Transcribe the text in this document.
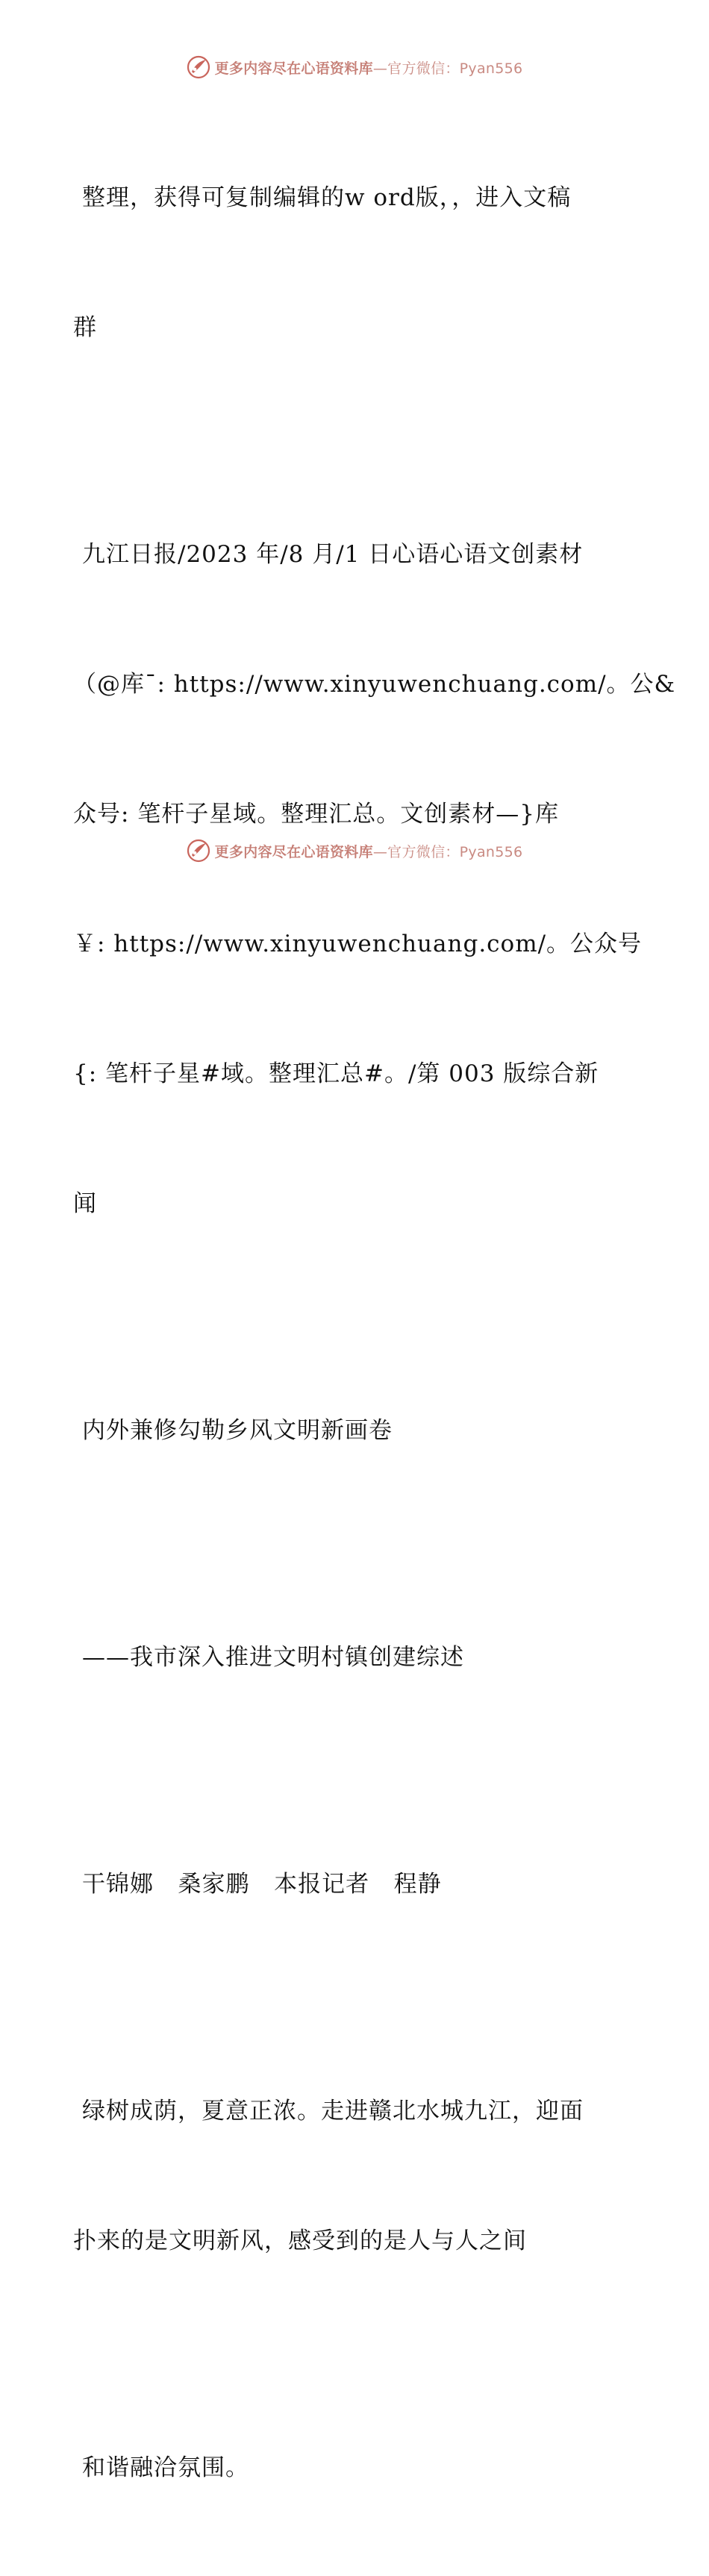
更多内容尽在心语资料库—官方微信：Pyan556

整理，获得可复制编辑的w ord版，，进入文稿

群

九江日报/2023 年/8 月/1 日心语心语文创素材

（@库¯: https://www.xinyuwenchuang.com/。公&

众号: 笔杆子星域。整理汇总。文创素材—}库

￥: https://www.xinyuwenchuang.com/。公众号

{: 笔杆子星#域。整理汇总#。/第 003 版综合新

闻

内外兼修勾勒乡风文明新画卷

——我市深入推进文明村镇创建综述

干锦娜   桑家鹏   本报记者   程静

绿树成荫，夏意正浓。走进赣北水城九江，迎面

扑来的是文明新风，感受到的是人与人之间

和谐融洽氛围。

更多内容尽在心语资料库—官方微信：Pyan556
